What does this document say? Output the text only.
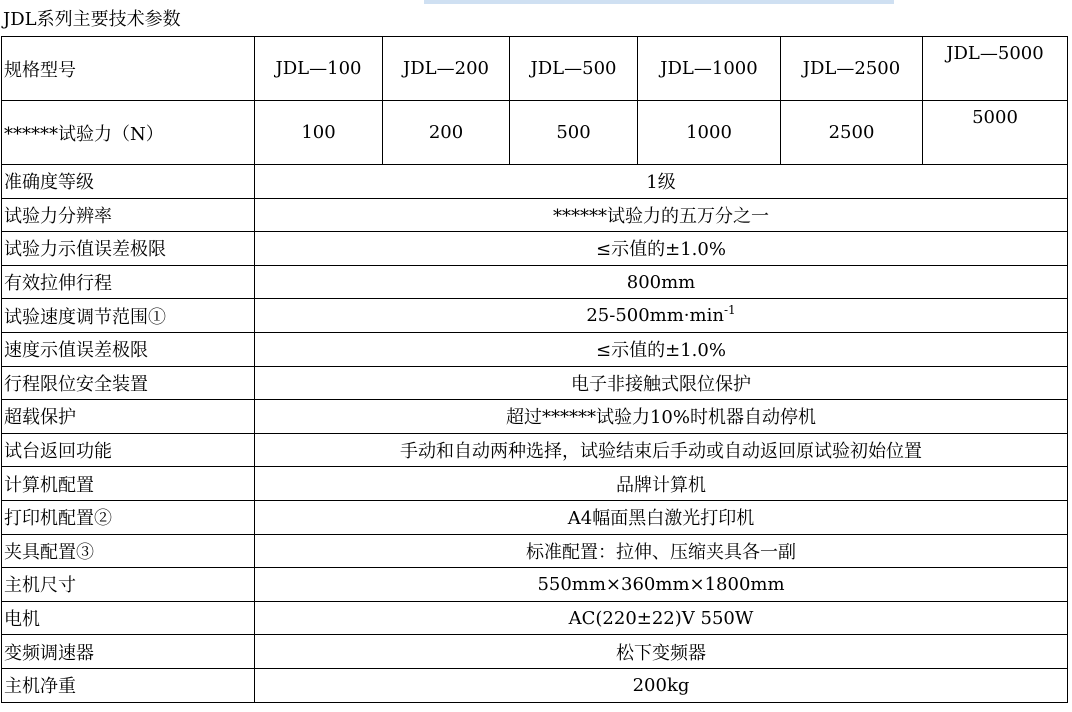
JDL系列主要技术参数
规格型号	JDL—100	JDL—200	JDL—500	JDL—1000	JDL—2500	JDL—5000
******试验力（N）	100	200	500	1000	2500	5000
准确度等级	1级					
试验力分辨率	******试验力的五万分之一					
试验力示值误差极限	≤示值的±1.0%					
有效拉伸行程	800mm					
试验速度调节范围①	$25-500mm\cdot\min^{-1}$
速度示值误差极限	≤示值的±1.0%					
行程限位安全装置	电子非接触式限位保护					
超载保护	超过******试验力10%时机器自动停机					
试台返回功能	手动和自动两种选择，试验结束后手动或自动返回原试验初始位置					
计算机配置	品牌计算机					
打印机配置②	A4幅面黑白激光打印机					
夹具配置③	标准配置：拉伸、压缩夹具各一副					
主机尺寸	550mm×360mm×1800mm					
电机	AC(220±22)V 550W					
变频调速器	松下变频器					
主机净重	200kg					
